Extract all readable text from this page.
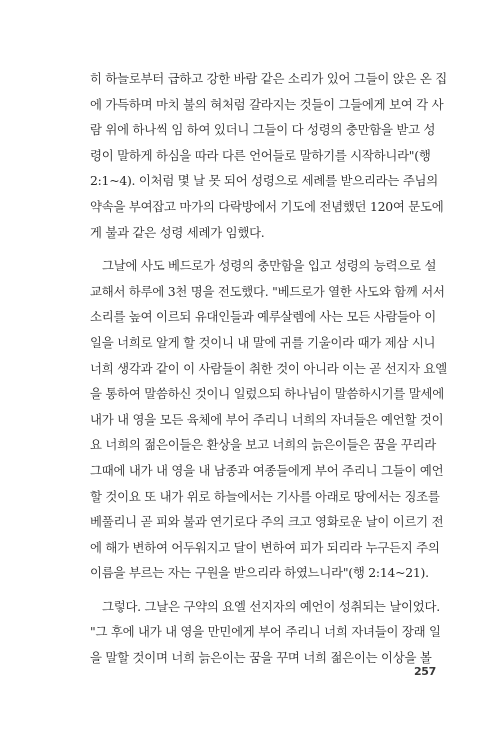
히 하늘로부터 급하고 강한 바람 같은 소리가 있어 그들이 앉은 온 집
에 가득하며 마치 불의 혀처럼 갈라지는 것들이 그들에게 보여 각 사
람 위에 하나씩 임 하여 있더니 그들이 다 성령의 충만함을 받고 성
령이 말하게 하심을 따라 다른 언어들로 말하기를 시작하니라"(행
2:1~4). 이처럼 몇 날 못 되어 성령으로 세례를 받으리라는 주님의
약속을 부여잡고 마가의 다락방에서 기도에 전념했던 120여 문도에
게 불과 같은 성령 세례가 임했다.
그날에 사도 베드로가 성령의 충만함을 입고 성령의 능력으로 설
교해서 하루에 3천 명을 전도했다. "베드로가 열한 사도와 함께 서서
소리를 높여 이르되 유대인들과 예루살렘에 사는 모든 사람들아 이
일을 너희로 알게 할 것이니 내 말에 귀를 기울이라 때가 제삼 시니
너희 생각과 같이 이 사람들이 취한 것이 아니라 이는 곧 선지자 요엘
을 통하여 말씀하신 것이니 일렀으되 하나님이 말씀하시기를 말세에
내가 내 영을 모든 육체에 부어 주리니 너희의 자녀들은 예언할 것이
요 너희의 젊은이들은 환상을 보고 너희의 늙은이들은 꿈을 꾸리라
그때에 내가 내 영을 내 남종과 여종들에게 부어 주리니 그들이 예언
할 것이요 또 내가 위로 하늘에서는 기사를 아래로 땅에서는 징조를
베풀리니 곧 피와 불과 연기로다 주의 크고 영화로운 날이 이르기 전
에 해가 변하여 어두워지고 달이 변하여 피가 되리라 누구든지 주의
이름을 부르는 자는 구원을 받으리라 하였느니라"(행 2:14~21).
그렇다. 그날은 구약의 요엘 선지자의 예언이 성취되는 날이었다.
"그 후에 내가 내 영을 만민에게 부어 주리니 너희 자녀들이 장래 일
을 말할 것이며 너희 늙은이는 꿈을 꾸며 너희 젊은이는 이상을 볼
257
